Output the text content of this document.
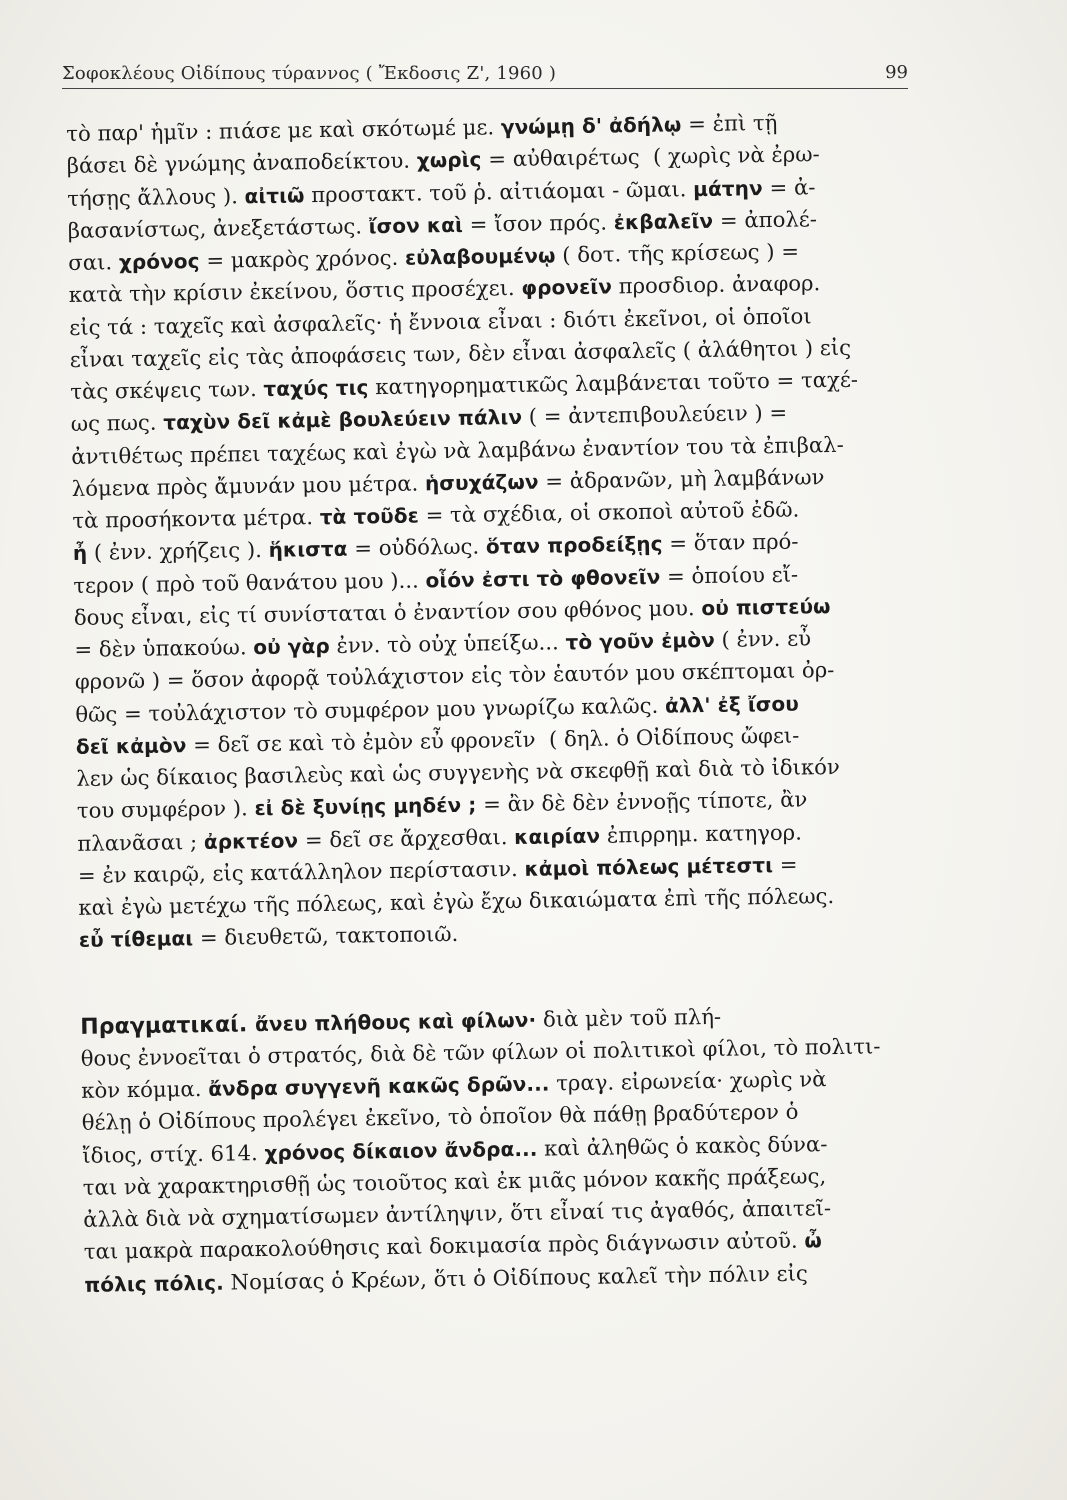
Σοφοκλέους Οἰδίπους τύραννος ( Ἔκδοσις Ζ', 1960 )	99
τὸ παρ' ἡμῖν : πιάσε με καὶ σκότωμέ με. γνώμῃ δ' ἀδήλῳ = ἐπὶ τῇ
βάσει δὲ γνώμης ἀναποδείκτου. χωρὶς = αὐθαιρέτως  ( χωρὶς νὰ ἐρω-
τήσῃς ἄλλους ). αἰτιῶ προστακτ. τοῦ ῥ. αἰτιάομαι - ῶμαι. μάτην = ἀ-
βασανίστως, ἀνεξετάστως. ἴσον καὶ = ἴσον πρός. ἐκβαλεῖν = ἀπολέ-
σαι. χρόνος = μακρὸς χρόνος. εὐλαβουμένῳ ( δοτ. τῆς κρίσεως ) =
κατὰ τὴν κρίσιν ἐκείνου, ὅστις προσέχει. φρονεῖν προσδιορ. ἀναφορ.
εἰς τά : ταχεῖς καὶ ἀσφαλεῖς· ἡ ἔννοια εἶναι : διότι ἐκεῖνοι, οἱ ὁποῖοι
εἶναι ταχεῖς εἰς τὰς ἀποφάσεις των, δὲν εἶναι ἀσφαλεῖς ( ἀλάθητοι ) εἰς
τὰς σκέψεις των. ταχύς τις κατηγορηματικῶς λαμβάνεται τοῦτο = ταχέ-
ως πως. ταχὺν δεῖ κἀμὲ βουλεύειν πάλιν ( = ἀντεπιβουλεύειν ) =
ἀντιθέτως πρέπει ταχέως καὶ ἐγὼ νὰ λαμβάνω ἐναντίον του τὰ ἐπιβαλ-
λόμενα πρὸς ἄμυνάν μου μέτρα. ἡσυχάζων = ἀδρανῶν, μὴ λαμβάνων
τὰ προσήκοντα μέτρα. τὰ τοῦδε = τὰ σχέδια, οἱ σκοποὶ αὐτοῦ ἐδῶ.
ἦ ( ἐνν. χρήζεις ). ἥκιστα = οὐδόλως. ὅταν προδείξῃς = ὅταν πρό-
τερον ( πρὸ τοῦ θανάτου μου )... οἷόν ἐστι τὸ φθονεῖν = ὁποίου εἴ-
δους εἶναι, εἰς τί συνίσταται ὁ ἐναντίον σου φθόνος μου. οὐ πιστεύω
= δὲν ὑπακούω. οὐ γὰρ ἐνν. τὸ οὐχ ὑπείξω... τὸ γοῦν ἐμὸν ( ἐνν. εὖ
φρονῶ ) = ὅσον ἀφορᾷ τοὐλάχιστον εἰς τὸν ἑαυτόν μου σκέπτομαι ὀρ-
θῶς = τοὐλάχιστον τὸ συμφέρον μου γνωρίζω καλῶς. ἀλλ' ἐξ ἴσου
δεῖ κἀμὸν = δεῖ σε καὶ τὸ ἐμὸν εὖ φρονεῖν  ( δηλ. ὁ Οἰδίπους ὤφει-
λεν ὡς δίκαιος βασιλεὺς καὶ ὡς συγγενὴς νὰ σκεφθῇ καὶ διὰ τὸ ἰδικόν
του συμφέρον ). εἰ δὲ ξυνίῃς μηδέν ; = ἂν δὲ δὲν ἐννοῇς τίποτε, ἂν
πλανᾶσαι ; ἀρκτέον = δεῖ σε ἄρχεσθαι. καιρίαν ἐπιρρημ. κατηγορ.
= ἐν καιρῷ, εἰς κατάλληλον περίστασιν. κἀμοὶ πόλεως μέτεστι =
καὶ ἐγὼ μετέχω τῆς πόλεως, καὶ ἐγὼ ἔχω δικαιώματα ἐπὶ τῆς πόλεως.
εὖ τίθεμαι = διευθετῶ, τακτοποιῶ.
Πραγματικαί. ἄνευ πλήθους καὶ φίλων· διὰ μὲν τοῦ πλή-
θους ἐννοεῖται ὁ στρατός, διὰ δὲ τῶν φίλων οἱ πολιτικοὶ φίλοι, τὸ πολιτι-
κὸν κόμμα. ἄνδρα συγγενῆ κακῶς δρῶν... τραγ. εἰρωνεία· χωρὶς νὰ
θέλῃ ὁ Οἰδίπους προλέγει ἐκεῖνο, τὸ ὁποῖον θὰ πάθῃ βραδύτερον ὁ
ἴδιος, στίχ. 614. χρόνος δίκαιον ἄνδρα... καὶ ἀληθῶς ὁ κακὸς δύνα-
ται νὰ χαρακτηρισθῇ ὡς τοιοῦτος καὶ ἐκ μιᾶς μόνον κακῆς πράξεως,
ἀλλὰ διὰ νὰ σχηματίσωμεν ἀντίληψιν, ὅτι εἶναί τις ἀγαθός, ἀπαιτεῖ-
ται μακρὰ παρακολούθησις καὶ δοκιμασία πρὸς διάγνωσιν αὐτοῦ. ὦ
πόλις πόλις. Νομίσας ὁ Κρέων, ὅτι ὁ Οἰδίπους καλεῖ τὴν πόλιν εἰς
